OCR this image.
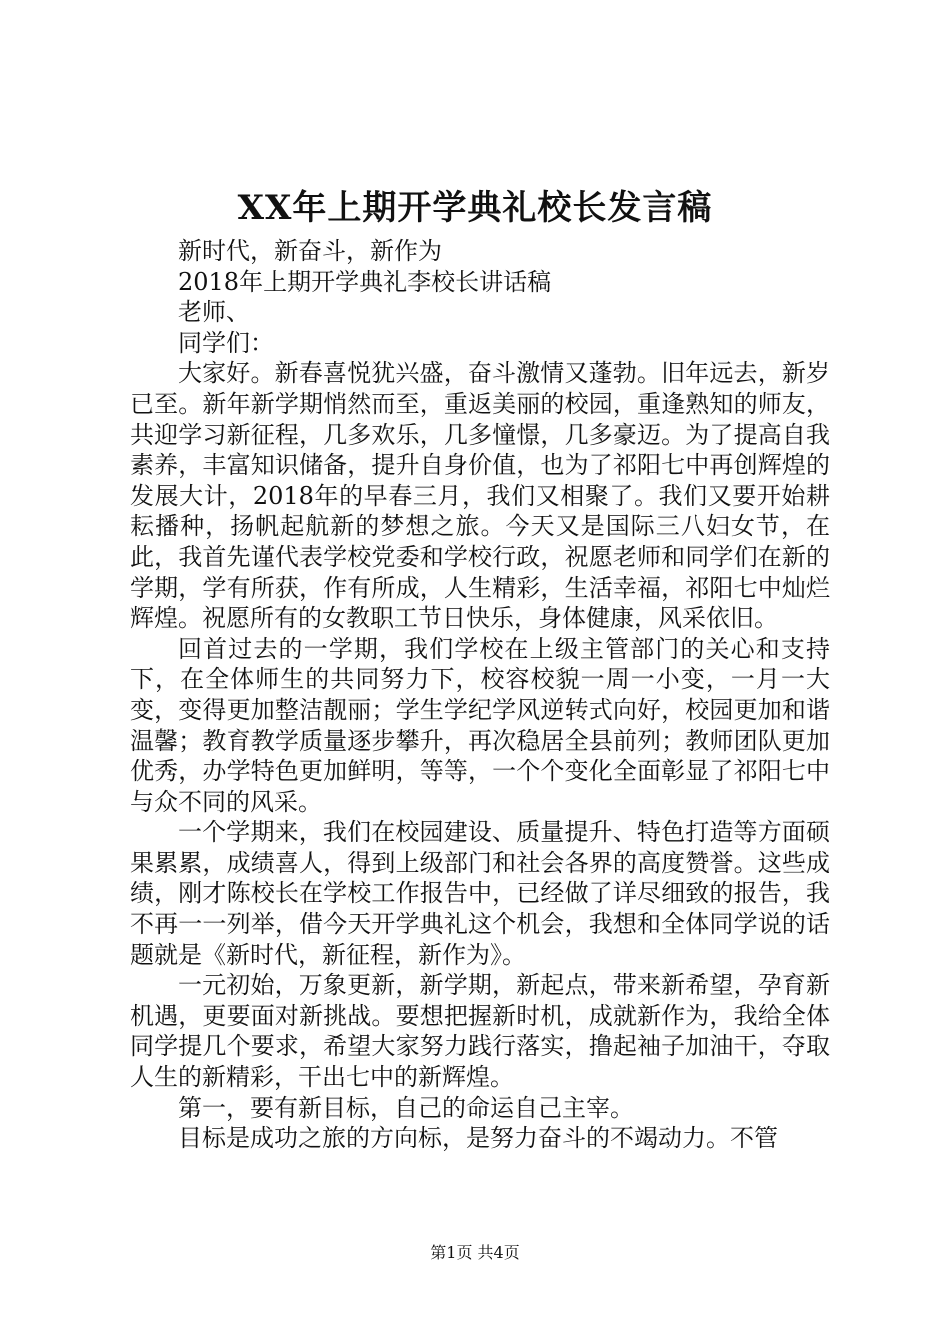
XX年上期开学典礼校长发言稿

新时代，新奋斗，新作为

2018年上期开学典礼李校长讲话稿

老师、

同学们：

大家好。新春喜悦犹兴盛，奋斗激情又蓬勃。旧年远去，新岁已至。新年新学期悄然而至，重返美丽的校园，重逢熟知的师友，共迎学习新征程，几多欢乐，几多憧憬，几多豪迈。为了提高自我素养，丰富知识储备，提升自身价值，也为了祁阳七中再创辉煌的发展大计，2018年的早春三月，我们又相聚了。我们又要开始耕耘播种，扬帆起航新的梦想之旅。今天又是国际三八妇女节，在此，我首先谨代表学校党委和学校行政，祝愿老师和同学们在新的学期，学有所获，作有所成，人生精彩，生活幸福，祁阳七中灿烂辉煌。祝愿所有的女教职工节日快乐，身体健康，风采依旧。

回首过去的一学期，我们学校在上级主管部门的关心和支持下，在全体师生的共同努力下，校容校貌一周一小变，一月一大变，变得更加整洁靓丽；学生学纪学风逆转式向好，校园更加和谐温馨；教育教学质量逐步攀升，再次稳居全县前列；教师团队更加优秀，办学特色更加鲜明，等等，一个个变化全面彰显了祁阳七中与众不同的风采。

一个学期来，我们在校园建设、质量提升、特色打造等方面硕果累累，成绩喜人，得到上级部门和社会各界的高度赞誉。这些成绩，刚才陈校长在学校工作报告中，已经做了详尽细致的报告，我不再一一列举，借今天开学典礼这个机会，我想和全体同学说的话题就是《新时代，新征程，新作为》。

一元初始，万象更新，新学期，新起点，带来新希望，孕育新机遇，更要面对新挑战。要想把握新时机，成就新作为，我给全体同学提几个要求，希望大家努力践行落实，撸起袖子加油干，夺取人生的新精彩，干出七中的新辉煌。

第一，要有新目标，自己的命运自己主宰。

目标是成功之旅的方向标，是努力奋斗的不竭动力。不管

第1页 共4页
